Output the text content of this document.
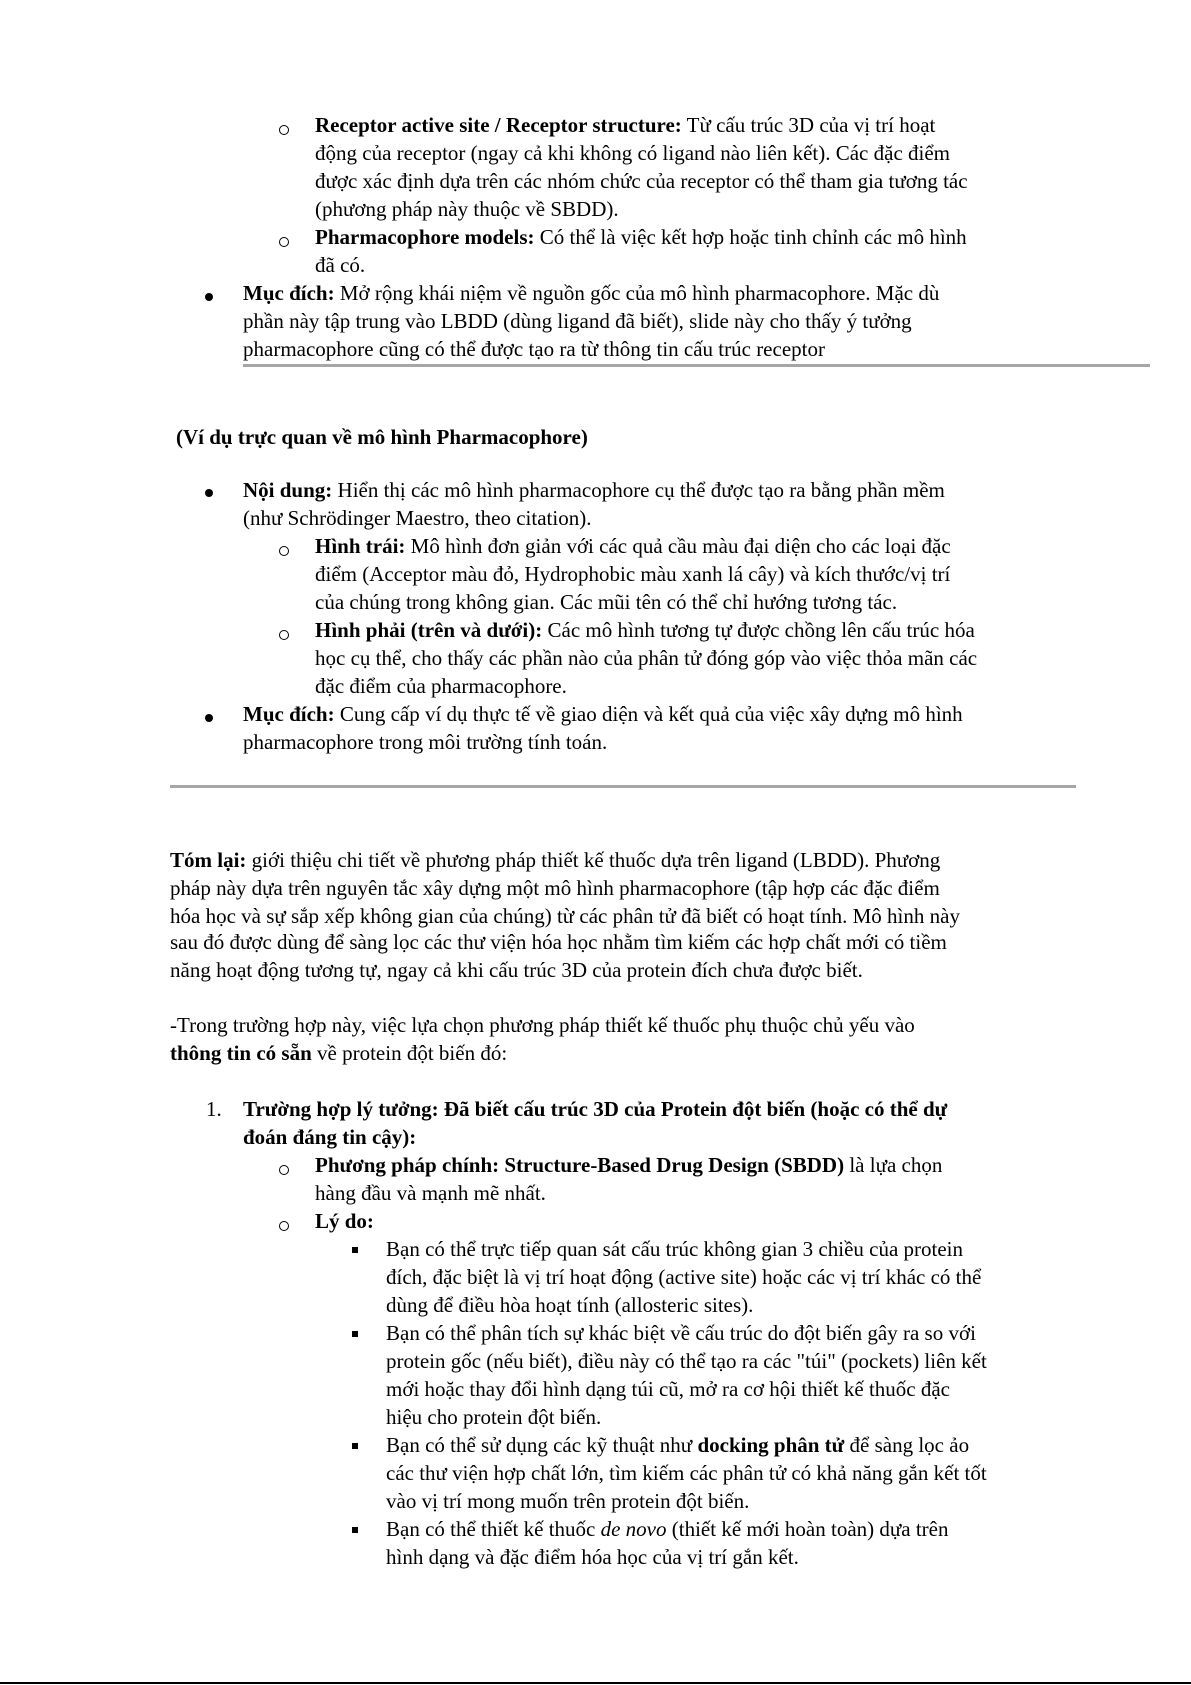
Receptor active site / Receptor structure: Từ cấu trúc 3D của vị trí hoạt
động của receptor (ngay cả khi không có ligand nào liên kết). Các đặc điểm
được xác định dựa trên các nhóm chức của receptor có thể tham gia tương tác
(phương pháp này thuộc về SBDD).
Pharmacophore models: Có thể là việc kết hợp hoặc tinh chỉnh các mô hình
đã có.
Mục đích: Mở rộng khái niệm về nguồn gốc của mô hình pharmacophore. Mặc dù
phần này tập trung vào LBDD (dùng ligand đã biết), slide này cho thấy ý tưởng
pharmacophore cũng có thể được tạo ra từ thông tin cấu trúc receptor
(Ví dụ trực quan về mô hình Pharmacophore)
Nội dung: Hiển thị các mô hình pharmacophore cụ thể được tạo ra bằng phần mềm
(như Schrödinger Maestro, theo citation).
Hình trái: Mô hình đơn giản với các quả cầu màu đại diện cho các loại đặc
điểm (Acceptor màu đỏ, Hydrophobic màu xanh lá cây) và kích thước/vị trí
của chúng trong không gian. Các mũi tên có thể chỉ hướng tương tác.
Hình phải (trên và dưới): Các mô hình tương tự được chồng lên cấu trúc hóa
học cụ thể, cho thấy các phần nào của phân tử đóng góp vào việc thỏa mãn các
đặc điểm của pharmacophore.
Mục đích: Cung cấp ví dụ thực tế về giao diện và kết quả của việc xây dựng mô hình
pharmacophore trong môi trường tính toán.
Tóm lại: giới thiệu chi tiết về phương pháp thiết kế thuốc dựa trên ligand (LBDD). Phương
pháp này dựa trên nguyên tắc xây dựng một mô hình pharmacophore (tập hợp các đặc điểm
hóa học và sự sắp xếp không gian của chúng) từ các phân tử đã biết có hoạt tính. Mô hình này
sau đó được dùng để sàng lọc các thư viện hóa học nhằm tìm kiếm các hợp chất mới có tiềm
năng hoạt động tương tự, ngay cả khi cấu trúc 3D của protein đích chưa được biết.
-Trong trường hợp này, việc lựa chọn phương pháp thiết kế thuốc phụ thuộc chủ yếu vào
thông tin có sẵn về protein đột biến đó:
1. Trường hợp lý tưởng: Đã biết cấu trúc 3D của Protein đột biến (hoặc có thể dự
đoán đáng tin cậy):
Phương pháp chính: Structure-Based Drug Design (SBDD) là lựa chọn
hàng đầu và mạnh mẽ nhất.
Lý do:
Bạn có thể trực tiếp quan sát cấu trúc không gian 3 chiều của protein
đích, đặc biệt là vị trí hoạt động (active site) hoặc các vị trí khác có thể
dùng để điều hòa hoạt tính (allosteric sites).
Bạn có thể phân tích sự khác biệt về cấu trúc do đột biến gây ra so với
protein gốc (nếu biết), điều này có thể tạo ra các "túi" (pockets) liên kết
mới hoặc thay đổi hình dạng túi cũ, mở ra cơ hội thiết kế thuốc đặc
hiệu cho protein đột biến.
Bạn có thể sử dụng các kỹ thuật như docking phân tử để sàng lọc ảo
các thư viện hợp chất lớn, tìm kiếm các phân tử có khả năng gắn kết tốt
vào vị trí mong muốn trên protein đột biến.
Bạn có thể thiết kế thuốc de novo (thiết kế mới hoàn toàn) dựa trên
hình dạng và đặc điểm hóa học của vị trí gắn kết.
